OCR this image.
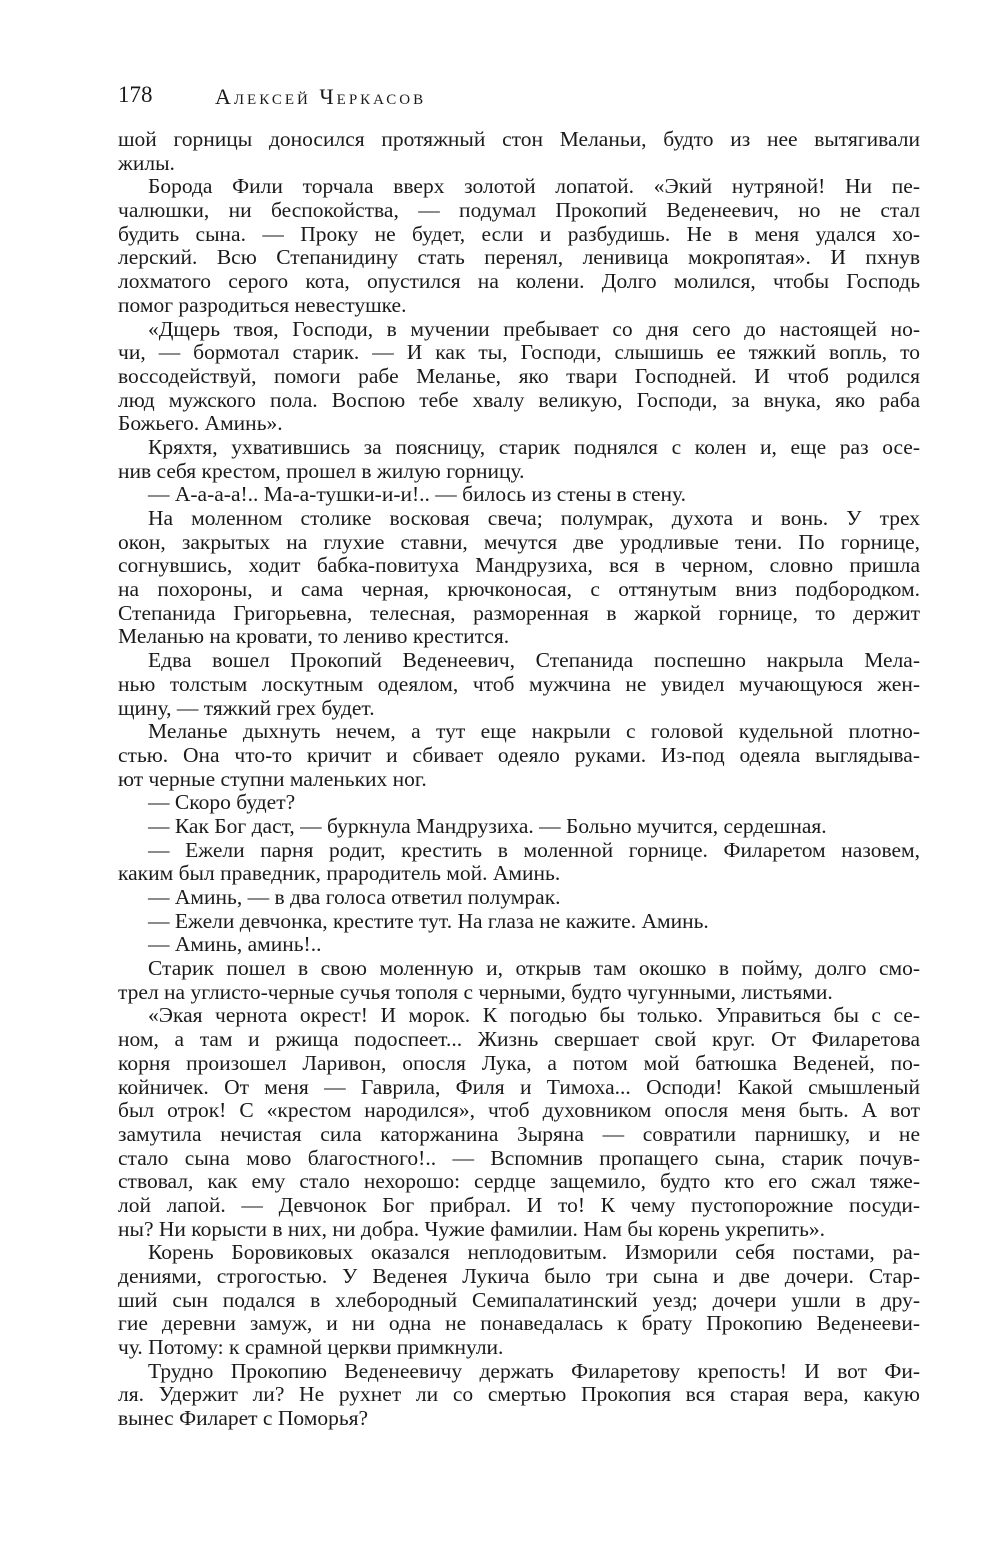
178	Алексей Черкасов
шой горницы доносился протяжный стон Меланьи, будто из нее вытягивали
жилы.
Борода Фили торчала вверх золотой лопатой. «Экий нутряной! Ни пе-
чалюшки, ни беспокойства, — подумал Прокопий Веденеевич, но не стал
будить сына. — Проку не будет, если и разбудишь. Не в меня удался хо-
лерский. Всю Степанидину стать перенял, ленивица мокропятая». И пхнув
лохматого серого кота, опустился на колени. Долго молился, чтобы Господь
помог разродиться невестушке.
«Дщерь твоя, Господи, в мучении пребывает со дня сего до настоящей но-
чи, — бормотал старик. — И как ты, Господи, слышишь ее тяжкий вопль, то
воссодействуй, помоги рабе Меланье, яко твари Господней. И чтоб родился
люд мужского пола. Воспою тебе хвалу великую, Господи, за внука, яко раба
Божьего. Аминь».
Кряхтя, ухватившись за поясницу, старик поднялся с колен и, еще раз осе-
нив себя крестом, прошел в жилую горницу.
— А-а-а-а!.. Ма-а-тушки-и-и!.. — билось из стены в стену.
На моленном столике восковая свеча; полумрак, духота и вонь. У трех
окон, закрытых на глухие ставни, мечутся две уродливые тени. По горнице,
согнувшись, ходит бабка-повитуха Мандрузиха, вся в черном, словно пришла
на похороны, и сама черная, крючконосая, с оттянутым вниз подбородком.
Степанида Григорьевна, телесная, разморенная в жаркой горнице, то держит
Меланью на кровати, то лениво крестится.
Едва вошел Прокопий Веденеевич, Степанида поспешно накрыла Мела-
нью толстым лоскутным одеялом, чтоб мужчина не увидел мучающуюся жен-
щину, — тяжкий грех будет.
Меланье дыхнуть нечем, а тут еще накрыли с головой кудельной плотно-
стью. Она что-то кричит и сбивает одеяло руками. Из-под одеяла выглядыва-
ют черные ступни маленьких ног.
— Скоро будет?
— Как Бог даст, — буркнула Мандрузиха. — Больно мучится, сердешная.
— Ежели парня родит, крестить в моленной горнице. Филаретом назовем,
каким был праведник, прародитель мой. Аминь.
— Аминь, — в два голоса ответил полумрак.
— Ежели девчонка, крестите тут. На глаза не кажите. Аминь.
— Аминь, аминь!..
Старик пошел в свою моленную и, открыв там окошко в пойму, долго смо-
трел на углисто-черные сучья тополя с черными, будто чугунными, листьями.
«Экая чернота окрест! И морок. К погодью бы только. Управиться бы с се-
ном, а там и ржища подоспеет... Жизнь свершает свой круг. От Филаретова
корня произошел Ларивон, опосля Лука, а потом мой батюшка Веденей, по-
койничек. От меня — Гаврила, Филя и Тимоха... Осподи! Какой смышленый
был отрок! С «крестом народился», чтоб духовником опосля меня быть. А вот
замутила нечистая сила каторжанина Зыряна — совратили парнишку, и не
стало сына мово благостного!.. — Вспомнив пропащего сына, старик почув-
ствовал, как ему стало нехорошо: сердце защемило, будто кто его сжал тяже-
лой лапой. — Девчонок Бог прибрал. И то! К чему пустопорожние посуди-
ны? Ни корысти в них, ни добра. Чужие фамилии. Нам бы корень укрепить».
Корень Боровиковых оказался неплодовитым. Изморили себя постами, ра-
дениями, строгостью. У Веденея Лукича было три сына и две дочери. Стар-
ший сын подался в хлебородный Семипалатинский уезд; дочери ушли в дру-
гие деревни замуж, и ни одна не понаведалась к брату Прокопию Веденееви-
чу. Потому: к срамной церкви примкнули.
Трудно Прокопию Веденеевичу держать Филаретову крепость! И вот Фи-
ля. Удержит ли? Не рухнет ли со смертью Прокопия вся старая вера, какую
вынес Филарет с Поморья?
